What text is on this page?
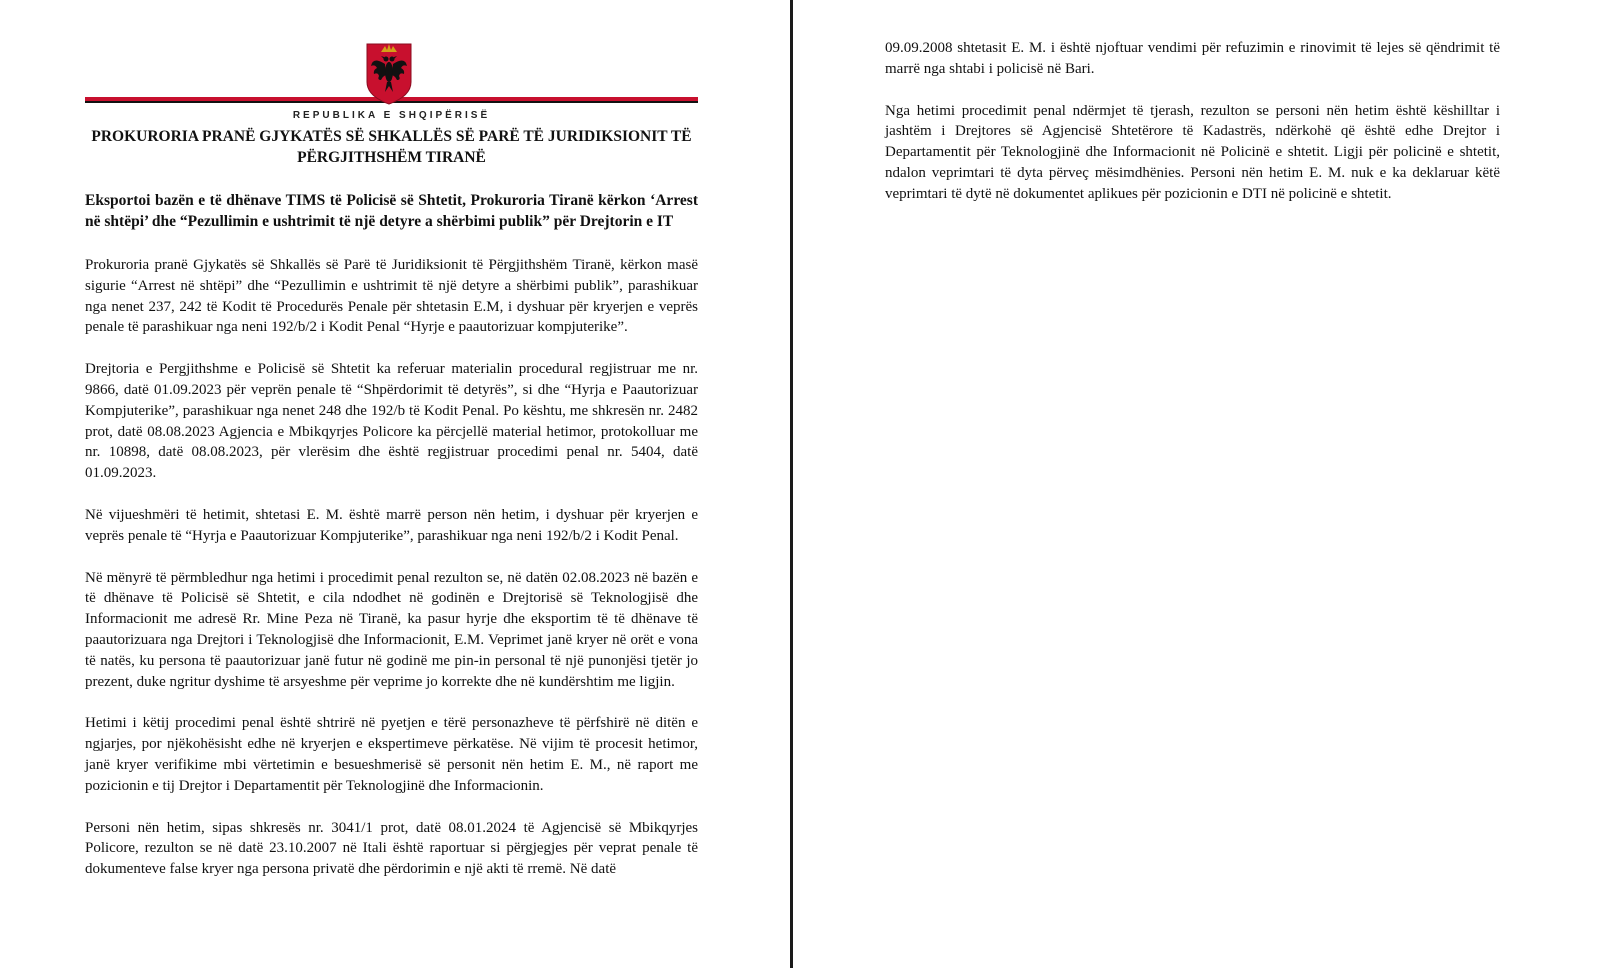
REPUBLIKA E SHQIPËRISË
PROKURORIA PRANË GJYKATËS SË SHKALLËS SË PARË TË JURIDIKSIONIT TË
PËRGJITHSHËM TIRANË
Eksportoi bazën e të dhënave TIMS të Policisë së Shtetit, Prokuroria Tiranë kërkon ‘Arrest në shtëpi’ dhe “Pezullimin e ushtrimit të një detyre a shërbimi publik” për Drejtorin e IT

Prokuroria pranë Gjykatës së Shkallës së Parë të Juridiksionit të Përgjithshëm Tiranë, kërkon masë sigurie “Arrest në shtëpi” dhe “Pezullimin e ushtrimit të një detyre a shërbimi publik”, parashikuar nga nenet 237, 242 të Kodit të Procedurës Penale për shtetasin E.M, i dyshuar për kryerjen e veprës penale të parashikuar nga neni 192/b/2 i Kodit Penal “Hyrje e paautorizuar kompjuterike”.

Drejtoria e Pergjithshme e Policisë së Shtetit ka referuar materialin procedural regjistruar me nr. 9866, datë 01.09.2023 për veprën penale të “Shpërdorimit të detyrës”, si dhe “Hyrja e Paautorizuar Kompjuterike”, parashikuar nga nenet 248 dhe 192/b të Kodit Penal. Po kështu, me shkresën nr. 2482 prot, datë 08.08.2023 Agjencia e Mbikqyrjes Policore ka përcjellë material hetimor, protokolluar me nr. 10898, datë 08.08.2023, për vlerësim dhe është regjistruar procedimi penal nr. 5404, datë 01.09.2023.

Në vijueshmëri të hetimit, shtetasi E. M. është marrë person nën hetim, i dyshuar për kryerjen e veprës penale të “Hyrja e Paautorizuar Kompjuterike”, parashikuar nga neni 192/b/2 i Kodit Penal.

Në mënyrë të përmbledhur nga hetimi i procedimit penal rezulton se, në datën 02.08.2023 në bazën e të dhënave të Policisë së Shtetit, e cila ndodhet në godinën e Drejtorisë së Teknologjisë dhe Informacionit me adresë Rr. Mine Peza në Tiranë, ka pasur hyrje dhe eksportim të të dhënave të paautorizuara nga Drejtori i Teknologjisë dhe Informacionit, E.M. Veprimet janë kryer në orët e vona të natës, ku persona të paautorizuar janë futur në godinë me pin-in personal të një punonjësi tjetër jo prezent, duke ngritur dyshime të arsyeshme për veprime jo korrekte dhe në kundërshtim me ligjin.

Hetimi i këtij procedimi penal është shtrirë në pyetjen e tërë personazheve të përfshirë në ditën e ngjarjes, por njëkohësisht edhe në kryerjen e ekspertimeve përkatëse. Në vijim të procesit hetimor, janë kryer verifikime mbi vërtetimin e besueshmerisë së personit nën hetim E. M., në raport me pozicionin e tij Drejtor i Departamentit për Teknologjinë dhe Informacionin.

Personi nën hetim, sipas shkresës nr. 3041/1 prot, datë 08.01.2024 të Agjencisë së Mbikqyrjes Policore, rezulton se në datë 23.10.2007 në Itali është raportuar si përgjegjes për veprat penale të dokumenteve false kryer nga persona privatë dhe përdorimin e një akti të rremë. Në datë

09.09.2008 shtetasit E. M. i është njoftuar vendimi për refuzimin e rinovimit të lejes së qëndrimit të marrë nga shtabi i policisë në Bari.

Nga hetimi procedimit penal ndërmjet të tjerash, rezulton se personi nën hetim është këshilltar i jashtëm i Drejtores së Agjencisë Shtetërore të Kadastrës, ndërkohë që është edhe Drejtor i Departamentit për Teknologjinë dhe Informacionit në Policinë e shtetit. Ligji për policinë e shtetit, ndalon veprimtari të dyta përveç mësimdhënies. Personi nën hetim E. M. nuk e ka deklaruar këtë veprimtari të dytë në dokumentet aplikues për pozicionin e DTI në policinë e shtetit.
